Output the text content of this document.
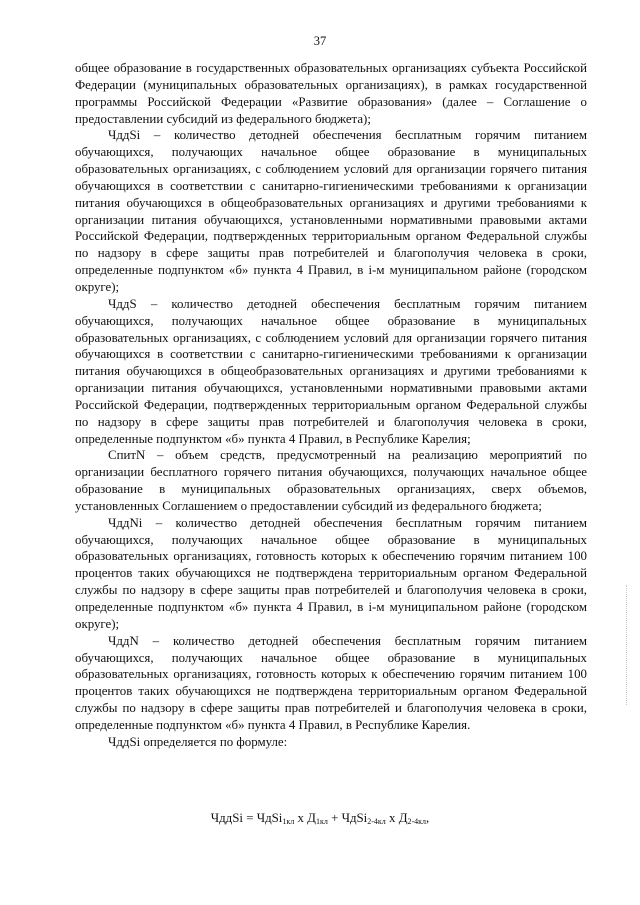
37

общее образование в государственных образовательных организациях субъекта Российской Федерации (муниципальных образовательных организациях), в рамках государственной программы Российской Федерации «Развитие образования» (далее – Соглашение о предоставлении субсидий из федерального бюджета);

ЧддSi – количество детодней обеспечения бесплатным горячим питанием обучающихся, получающих начальное общее образование в муниципальных образовательных организациях, с соблюдением условий для организации горячего питания обучающихся в соответствии с санитарно-гигиеническими требованиями к организации питания обучающихся в общеобразовательных организациях и другими требованиями к организации питания обучающихся, установленными нормативными правовыми актами Российской Федерации, подтвержденных территориальным органом Федеральной службы по надзору в сфере защиты прав потребителей и благополучия человека в сроки, определенные подпунктом «б» пункта 4 Правил, в i-м муниципальном районе (городском округе);

ЧддS – количество детодней обеспечения бесплатным горячим питанием обучающихся, получающих начальное общее образование в муниципальных образовательных организациях, с соблюдением условий для организации горячего питания обучающихся в соответствии с санитарно-гигиеническими требованиями к организации питания обучающихся в общеобразовательных организациях и другими требованиями к организации питания обучающихся, установленными нормативными правовыми актами Российской Федерации, подтвержденных территориальным органом Федеральной службы по надзору в сфере защиты прав потребителей и благополучия человека в сроки, определенные подпунктом «б» пункта 4 Правил, в Республике Карелия;

СпитN – объем средств, предусмотренный на реализацию мероприятий по организации бесплатного горячего питания обучающихся, получающих начальное общее образование в муниципальных образовательных организациях, сверх объемов, установленных Соглашением о предоставлении субсидий из федерального бюджета;

ЧддNi – количество детодней обеспечения бесплатным горячим питанием обучающихся, получающих начальное общее образование в муниципальных образовательных организациях, готовность которых к обеспечению горячим питанием 100 процентов таких обучающихся не подтверждена территориальным органом Федеральной службы по надзору в сфере защиты прав потребителей и благополучия человека в сроки, определенные подпунктом «б» пункта 4 Правил, в i-м муниципальном районе (городском округе);

ЧддN – количество детодней обеспечения бесплатным горячим питанием обучающихся, получающих начальное общее образование в муниципальных образовательных организациях, готовность которых к обеспечению горячим питанием 100 процентов таких обучающихся не подтверждена территориальным органом Федеральной службы по надзору в сфере защиты прав потребителей и благополучия человека в сроки, определенные подпунктом «б» пункта 4 Правил, в Республике Карелия.

ЧддSi определяется по формуле:

ЧддSi = ЧдSi$_{1кл}$ x $Д_{1кл}$ + ЧдSi$_{2-4кл}$ x $Д_{2-4кл}$,
